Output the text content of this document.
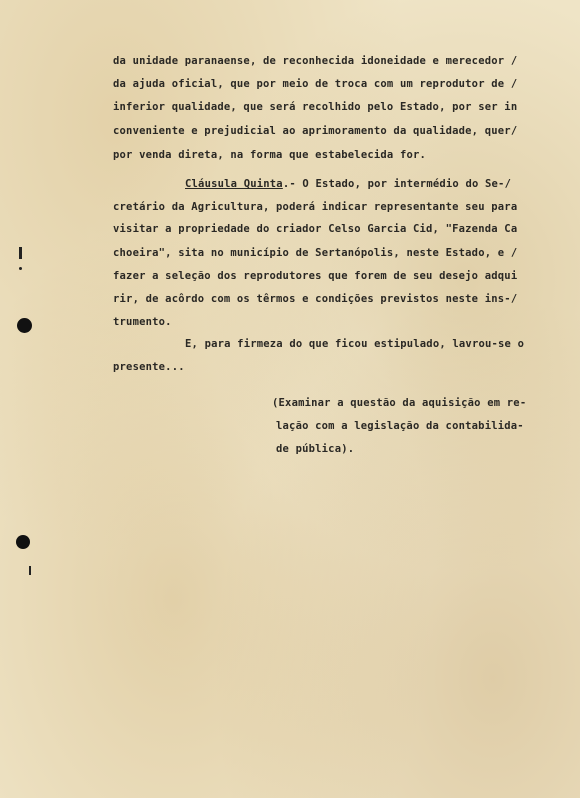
da unidade paranaense, de reconhecida idoneidade e merecedor /
da ajuda oficial, que por meio de troca com um reprodutor de /
inferior qualidade, que será recolhido pelo Estado, por ser in
conveniente e prejudicial ao aprimoramento da qualidade, quer/
por venda direta, na forma que estabelecida for.
Cláusula Quinta.- O Estado, por intermédio do Se-/
cretário da Agricultura, poderá indicar representante seu para
visitar a propriedade do criador Celso Garcia Cid, "Fazenda Ca
choeira", sita no município de Sertanópolis, neste Estado, e /
fazer a seleção dos reprodutores que forem de seu desejo adqui
rir, de acôrdo com os têrmos e condições previstos neste ins-/
trumento.
E, para firmeza do que ficou estipulado, lavrou-se o
presente...
(Examinar a questão da aquisição em re-
lação com a legislação da contabilida-
de pública).
